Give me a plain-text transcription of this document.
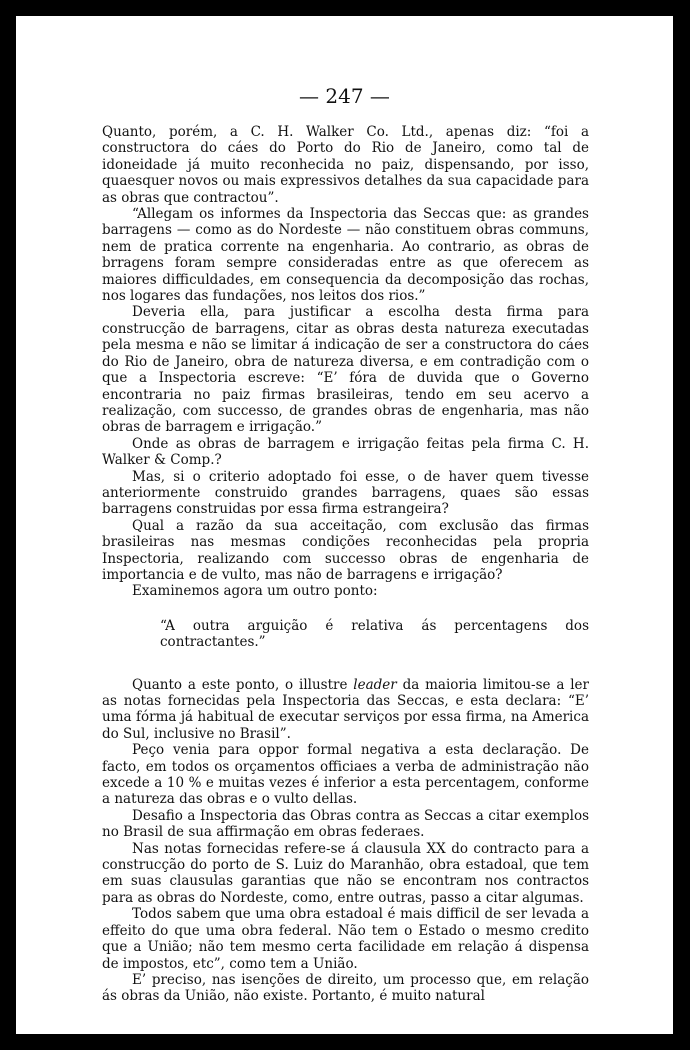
— 247 —

Quanto, porém, a C. H. Walker Co. Ltd., apenas diz: “foi a constructora do cáes do Porto do Rio de Janeiro, como tal de idoneidade já muito reconhecida no paiz, dispensando, por isso, quaesquer novos ou mais expressivos detalhes da sua capacidade para as obras que contractou”.

“Allegam os informes da Inspectoria das Seccas que: as grandes barragens — como as do Nordeste — não constituem obras communs, nem de pratica corrente na engenharia. Ao contrario, as obras de brragens foram sempre consideradas entre as que oferecem as maiores difficuldades, em consequencia da decomposição das rochas, nos logares das fundações, nos leitos dos rios.”

Deveria ella, para justificar a escolha desta firma para construcção de barragens, citar as obras desta natureza executadas pela mesma e não se limitar á indicação de ser a constructora do cáes do Rio de Janeiro, obra de natureza diversa, e em contradição com o que a Inspectoria escreve: “E’ fóra de duvida que o Governo encontraria no paiz firmas brasileiras, tendo em seu acervo a realização, com successo, de grandes obras de engenharia, mas não obras de barragem e irrigação.”

Onde as obras de barragem e irrigação feitas pela firma C. H. Walker & Comp.?

Mas, si o criterio adoptado foi esse, o de haver quem tivesse anteriormente construido grandes barragens, quaes são essas barragens construidas por essa firma estrangeira?

Qual a razão da sua acceitação, com exclusão das firmas brasileiras nas mesmas condições reconhecidas pela propria Inspectoria, realizando com successo obras de engenharia de importancia e de vulto, mas não de barragens e irrigação?

Examinemos agora um outro ponto:

“A outra arguição é relativa ás percentagens dos contractantes.”

Quanto a este ponto, o illustre leader da maioria limitou-se a ler as notas fornecidas pela Inspectoria das Seccas, e esta declara: “E’ uma fórma já habitual de executar serviços por essa firma, na America do Sul, inclusive no Brasil”.

Peço venia para oppor formal negativa a esta declaração. De facto, em todos os orçamentos officiaes a verba de administração não excede a 10 % e muitas vezes é inferior a esta percentagem, conforme a natureza das obras e o vulto dellas.

Desafio a Inspectoria das Obras contra as Seccas a citar exemplos no Brasil de sua affirmação em obras federaes.

Nas notas fornecidas refere-se á clausula XX do contracto para a construcção do porto de S. Luiz do Maranhão, obra estadoal, que tem em suas clausulas garantias que não se encontram nos contractos para as obras do Nordeste, como, entre outras, passo a citar algumas.

Todos sabem que uma obra estadoal é mais difficil de ser levada a effeito do que uma obra federal. Não tem o Estado o mesmo credito que a União; não tem mesmo certa facilidade em relação á dispensa de impostos, etc”, como tem a União.

E’ preciso, nas isenções de direito, um processo que, em relação ás obras da União, não existe. Portanto, é muito natural
